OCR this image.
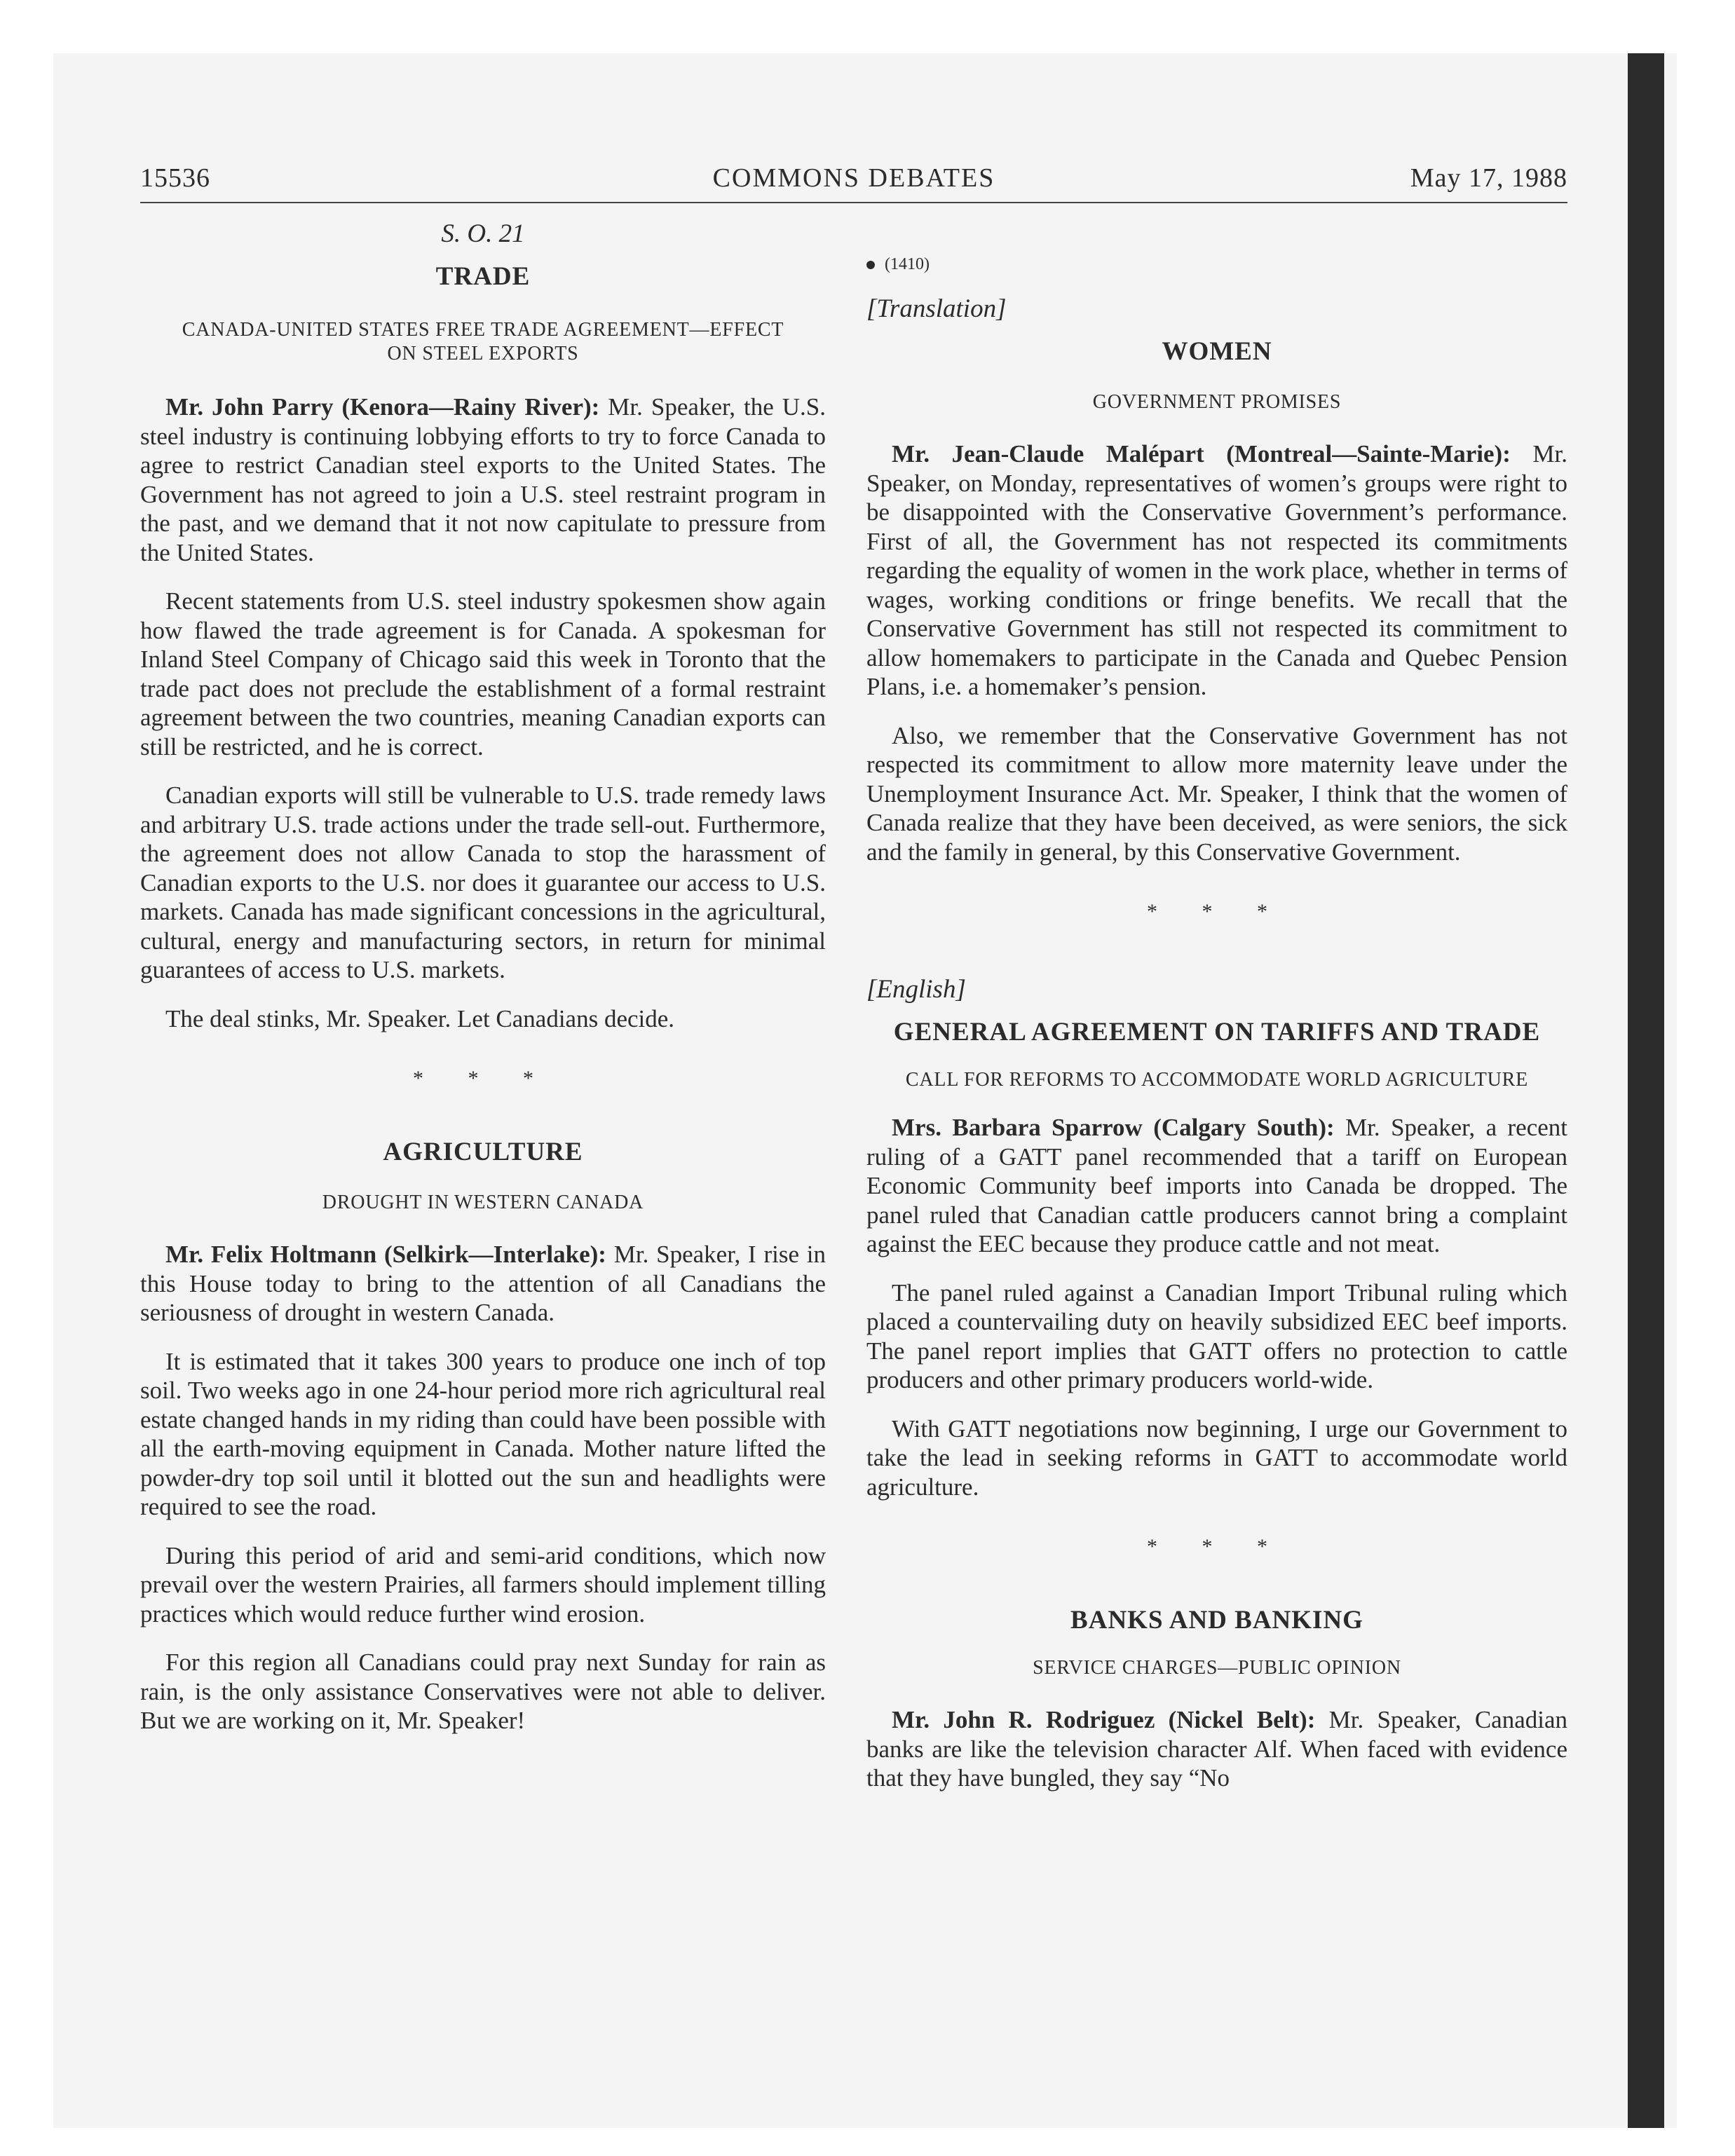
15536	COMMONS DEBATES	May 17, 1988

S. O. 21

TRADE

CANADA-UNITED STATES FREE TRADE AGREEMENT—EFFECT ON STEEL EXPORTS

Mr. John Parry (Kenora—Rainy River): Mr. Speaker, the U.S. steel industry is continuing lobbying efforts to try to force Canada to agree to restrict Canadian steel exports to the United States. The Government has not agreed to join a U.S. steel restraint program in the past, and we demand that it not now capitulate to pressure from the United States.

Recent statements from U.S. steel industry spokesmen show again how flawed the trade agreement is for Canada. A spokesman for Inland Steel Company of Chicago said this week in Toronto that the trade pact does not preclude the establishment of a formal restraint agreement between the two countries, meaning Canadian exports can still be restricted, and he is correct.

Canadian exports will still be vulnerable to U.S. trade remedy laws and arbitrary U.S. trade actions under the trade sell-out. Furthermore, the agreement does not allow Canada to stop the harassment of Canadian exports to the U.S. nor does it guarantee our access to U.S. markets. Canada has made significant concessions in the agricultural, cultural, energy and manufacturing sectors, in return for minimal guarantees of access to U.S. markets.

The deal stinks, Mr. Speaker. Let Canadians decide.

* * *

AGRICULTURE

DROUGHT IN WESTERN CANADA

Mr. Felix Holtmann (Selkirk—Interlake): Mr. Speaker, I rise in this House today to bring to the attention of all Canadians the seriousness of drought in western Canada.

It is estimated that it takes 300 years to produce one inch of top soil. Two weeks ago in one 24-hour period more rich agricultural real estate changed hands in my riding than could have been possible with all the earth-moving equipment in Canada. Mother nature lifted the powder-dry top soil until it blotted out the sun and headlights were required to see the road.

During this period of arid and semi-arid conditions, which now prevail over the western Prairies, all farmers should implement tilling practices which would reduce further wind erosion.

For this region all Canadians could pray next Sunday for rain as rain, is the only assistance Conservatives were not able to deliver. But we are working on it, Mr. Speaker!

(1410)

[Translation]

WOMEN

GOVERNMENT PROMISES

Mr. Jean-Claude Malépart (Montreal—Sainte-Marie): Mr. Speaker, on Monday, representatives of women’s groups were right to be disappointed with the Conservative Government’s performance. First of all, the Government has not respected its commitments regarding the equality of women in the work place, whether in terms of wages, working conditions or fringe benefits. We recall that the Conservative Government has still not respected its commitment to allow homemakers to participate in the Canada and Quebec Pension Plans, i.e. a homemaker’s pension.

Also, we remember that the Conservative Government has not respected its commitment to allow more maternity leave under the Unemployment Insurance Act. Mr. Speaker, I think that the women of Canada realize that they have been deceived, as were seniors, the sick and the family in general, by this Conservative Government.

* * *

[English]

GENERAL AGREEMENT ON TARIFFS AND TRADE

CALL FOR REFORMS TO ACCOMMODATE WORLD AGRICULTURE

Mrs. Barbara Sparrow (Calgary South): Mr. Speaker, a recent ruling of a GATT panel recommended that a tariff on European Economic Community beef imports into Canada be dropped. The panel ruled that Canadian cattle producers cannot bring a complaint against the EEC because they produce cattle and not meat.

The panel ruled against a Canadian Import Tribunal ruling which placed a countervailing duty on heavily subsidized EEC beef imports. The panel report implies that GATT offers no protection to cattle producers and other primary producers world-wide.

With GATT negotiations now beginning, I urge our Government to take the lead in seeking reforms in GATT to accommodate world agriculture.

* * *

BANKS AND BANKING

SERVICE CHARGES—PUBLIC OPINION

Mr. John R. Rodriguez (Nickel Belt): Mr. Speaker, Canadian banks are like the television character Alf. When faced with evidence that they have bungled, they say “No
